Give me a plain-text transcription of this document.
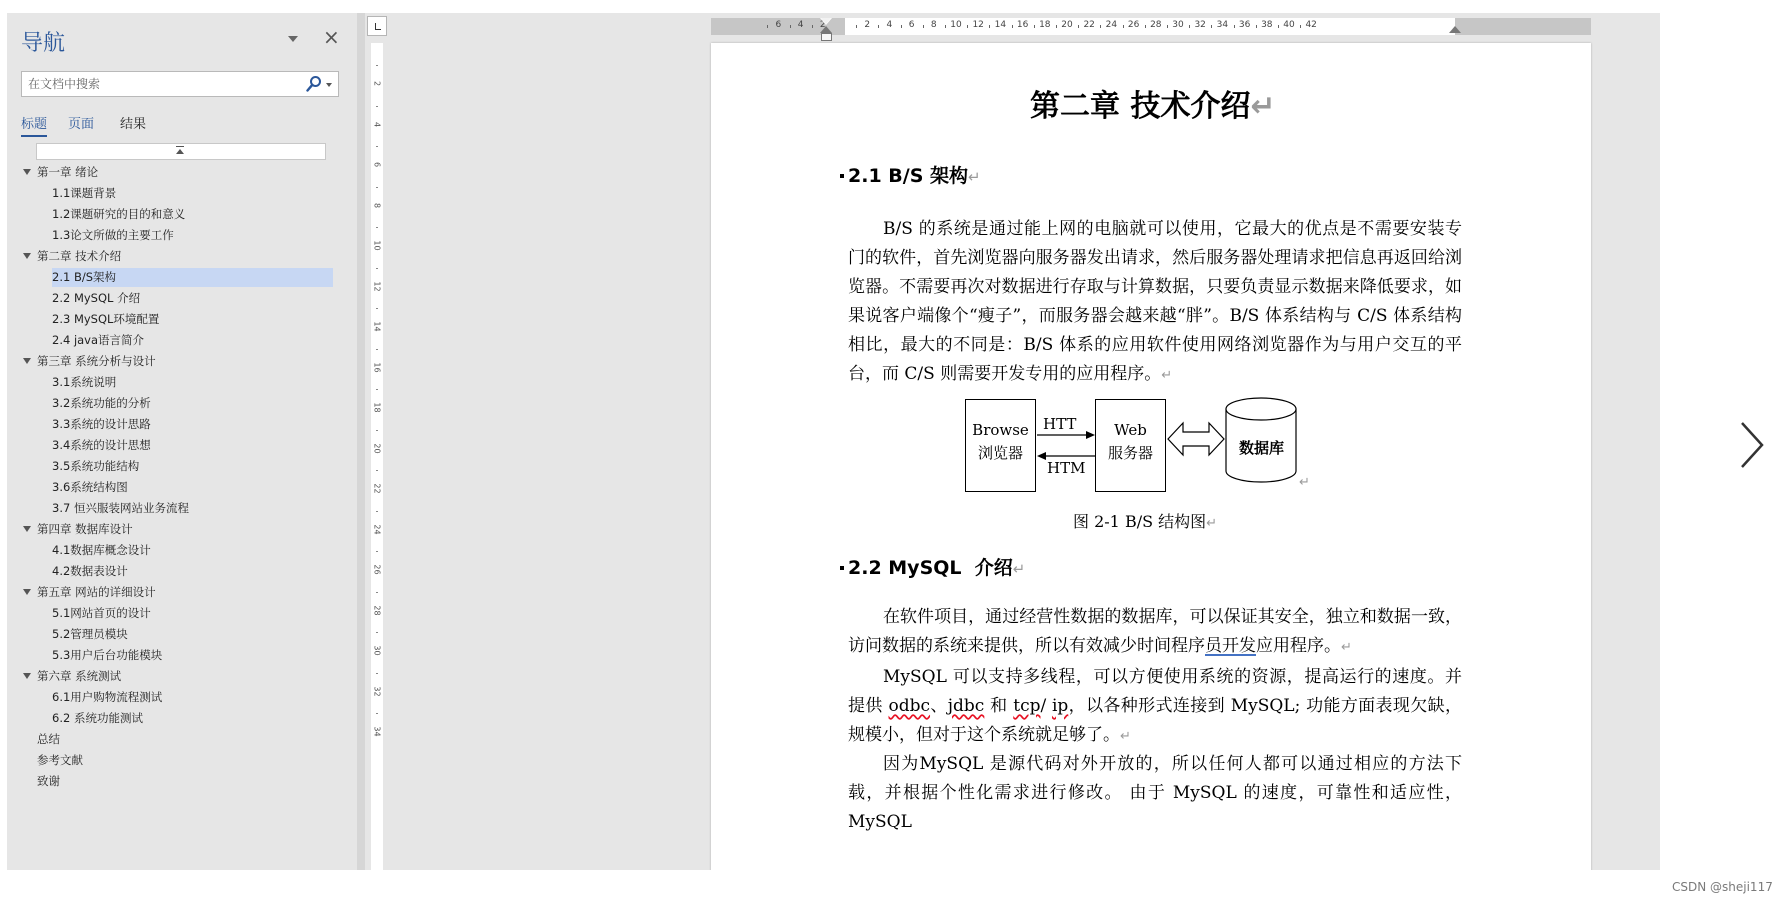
导航	×
在文档中搜索
标题 页面 结果
第一章 绪论
1.1课题背景
1.2课题研究的目的和意义
1.3论文所做的主要工作
第二章 技术介绍
2.1 B/S架构
2.2 MySQL 介绍
2.3 MySQL环境配置
2.4 java语言简介
第三章 系统分析与设计
3.1系统说明
3.2系统功能的分析
3.3系统的设计思路
3.4系统的设计思想
3.5系统功能结构
3.6系统结构图
3.7 恒兴服装网站业务流程
第四章 数据库设计
4.1数据库概念设计
4.2数据表设计
第五章 网站的详细设计
5.1网站首页的设计
5.2管理员模块
5.3用户后台功能模块
第六章 系统测试
6.1用户购物流程测试
6.2 系统功能测试
总结
参考文献
致谢
2
4
6
8
10
12
14
16
18
20
22
24
26
28
30
32
34
6 4 2	2 4 6 8 10 12 14 16 18 20 22 24 26 28 30 32 34 36 38 40 42
第二章 技术介绍↵
2.1 B/S 架构↵
B/S 的系统是通过能上网的电脑就可以使用，它最大的优点是不需要安装专门的软件，首先浏览器向服务器发出请求，然后服务器处理请求把信息再返回给浏览器。不需要再次对数据进行存取与计算数据，只要负责显示数据来降低要求，如果说客户端像个“瘦子”，而服务器会越来越“胖”。B/S 体系结构与 C/S 体系结构相比，最大的不同是：B/S 体系的应用软件使用网络浏览器作为与用户交互的平台，而 C/S 则需要开发专用的应用程序。↵
Browse
浏览器
Web
服务器
HTT
HTM
数据库
↵
图 2-1 B/S 结构图↵
2.2 MySQL  介绍↵
在软件项目，通过经营性数据的数据库，可以保证其安全，独立和数据一致，访问数据的系统来提供，所以有效减少时间程序员开发应用程序。↵
MySQL 可以支持多线程，可以方便使用系统的资源，提高运行的速度。并提供 odbc、jdbc 和 tcp/ ip，以各种形式连接到 MySQL; 功能方面表现欠缺，规模小，但对于这个系统就足够了。↵
因为MySQL 是源代码对外开放的，所以任何人都可以通过相应的方法下载，并根据个性化需求进行修改。 由于 MySQL 的速度，可靠性和适应性，MySQL
CSDN @sheji117
